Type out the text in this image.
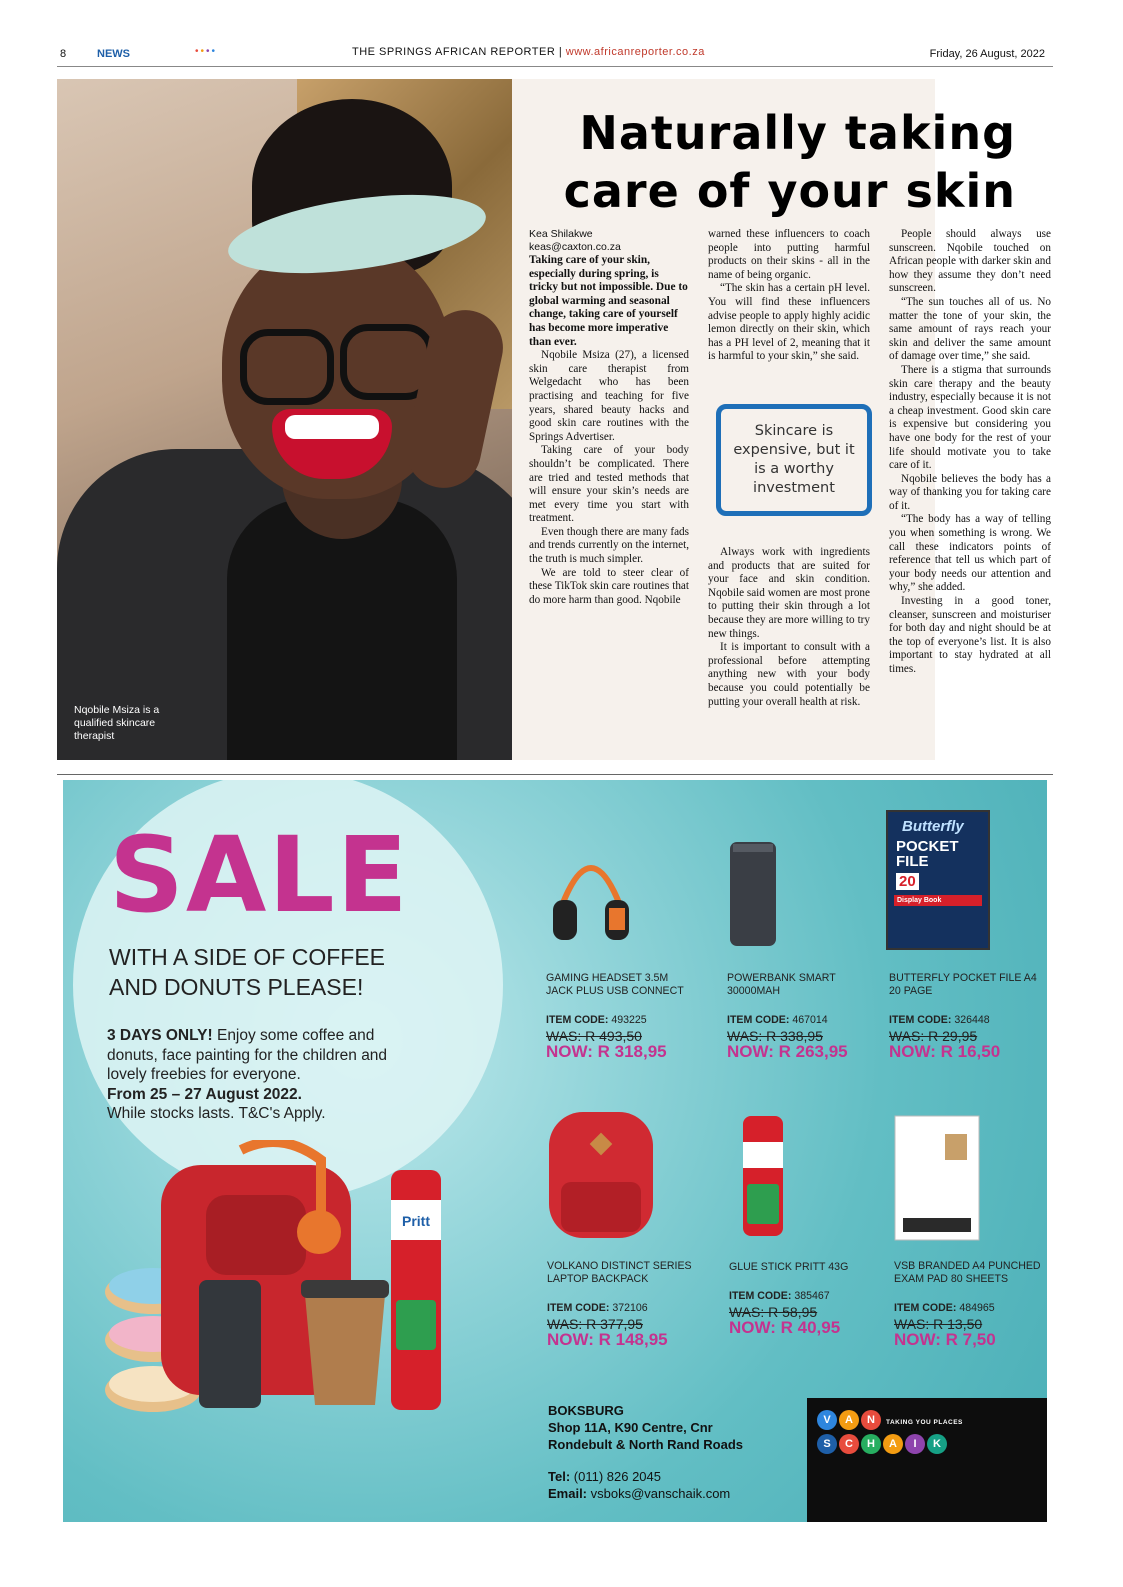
8	NEWS	••••	THE SPRINGS AFRICAN REPORTER | www.africanreporter.co.za	Friday, 26 August, 2022
Nqobile Msiza is a qualified skincare therapist
Naturally taking
care of your skin
Kea Shilakwe
keas@caxton.co.za

Taking care of your skin, especially during spring, is tricky but not impossible. Due to global warming and seasonal change, taking care of yourself has become more imperative than ever.

Nqobile Msiza (27), a licensed skin care therapist from Welgedacht who has been practising and teaching for five years, shared beauty hacks and good skin care routines with the Springs Advertiser.

Taking care of your body shouldn’t be complicated. There are tried and tested methods that will ensure your skin’s needs are met every time you start with treatment.

Even though there are many fads and trends currently on the internet, the truth is much simpler.

We are told to steer clear of these TikTok skin care routines that do more harm than good. Nqobile

warned these influencers to coach people into putting harmful products on their skins - all in the name of being organic.

“The skin has a certain pH level. You will find these influencers advise people to apply highly acidic lemon directly on their skin, which has a PH level of 2, meaning that it is harmful to your skin,” she said.

Skincare is expensive, but it is a worthy investment

Always work with ingredients and products that are suited for your face and skin condition. Nqobile said women are most prone to putting their skin through a lot because they are more willing to try new things.

It is important to consult with a professional before attempting anything new with your body because you could potentially be putting your overall health at risk.

People should always use sunscreen. Nqobile touched on African people with darker skin and how they assume they don’t need sunscreen.

“The sun touches all of us. No matter the tone of your skin, the same amount of rays reach your skin and deliver the same amount of damage over time,” she said.

There is a stigma that surrounds skin care therapy and the beauty industry, especially because it is not a cheap investment. Good skin care is expensive but considering you have one body for the rest of your life should motivate you to take care of it.

Nqobile believes the body has a way of thanking you for taking care of it.

“The body has a way of telling you when something is wrong. We call these indicators points of reference that tell us which part of your body needs our attention and why,” she added.

Investing in a good toner, cleanser, sunscreen and moisturiser for both day and night should be at the top of everyone’s list. It is also important to stay hydrated at all times.

SALE
WITH A SIDE OF COFFEE
AND DONUTS PLEASE!
3 DAYS ONLY! Enjoy some coffee and donuts, face painting for the children and lovely freebies for everyone.
From 25 – 27 August 2022.
While stocks lasts. T&C's Apply.
Pritt
Butterfly
POCKET FILE
20
Display Book
GAMING HEADSET 3.5M JACK PLUS USB CONNECT
ITEM CODE: 493225
WAS: R 493,50
NOW: R 318,95
POWERBANK SMART 30000MAH
ITEM CODE: 467014
WAS: R 338,95
NOW: R 263,95
BUTTERFLY POCKET FILE A4 20 PAGE
ITEM CODE: 326448
WAS: R 29,95
NOW: R 16,50
VOLKANO DISTINCT SERIES LAPTOP BACKPACK
ITEM CODE: 372106
WAS: R 377,95
NOW: R 148,95
GLUE STICK PRITT 43G
ITEM CODE: 385467
WAS: R 58,95
NOW: R 40,95
VSB BRANDED A4 PUNCHED EXAM PAD 80 SHEETS
ITEM CODE: 484965
WAS: R 13,50
NOW: R 7,50
BOKSBURG
Shop 11A, K90 Centre, Cnr
Rondebult & North Rand Roads
Tel: (011) 826 2045
Email: vsboks@vanschaik.com
V	A	N	TAKING YOU PLACES
S	C	H	A	I	K
